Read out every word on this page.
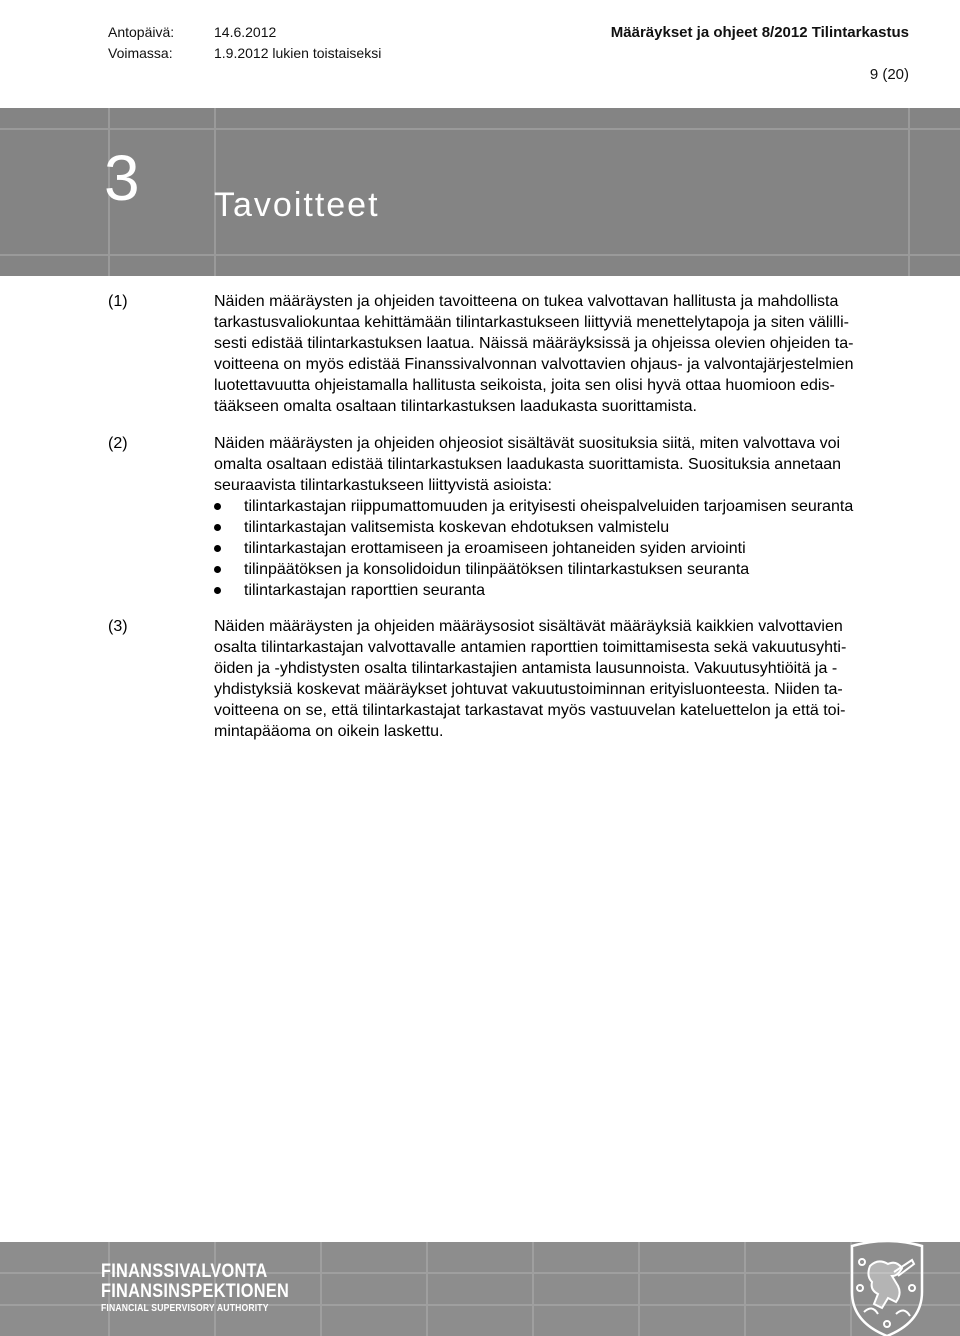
Antopäivä:	14.6.2012
Voimassa:	1.9.2012 lukien toistaiseksi
Määräykset ja ohjeet 8/2012 Tilintarkastus
9 (20)
3 Tavoitteet
(1)	Näiden määräysten ja ohjeiden tavoitteena on tukea valvottavan hallitusta ja mahdollista

tarkastusvaliokuntaa kehittämään tilintarkastukseen liittyviä menettelytapoja ja siten välilli-

sesti edistää tilintarkastuksen laatua. Näissä määräyksissä ja ohjeissa olevien ohjeiden ta-

voitteena on myös edistää Finanssivalvonnan valvottavien ohjaus- ja valvontajärjestelmien

luotettavuutta ohjeistamalla hallitusta seikoista, joita sen olisi hyvä ottaa huomioon edis-

tääkseen omalta osaltaan tilintarkastuksen laadukasta suorittamista.

(2)	Näiden määräysten ja ohjeiden ohjeosiot sisältävät suosituksia siitä, miten valvottava voi

omalta osaltaan edistää tilintarkastuksen laadukasta suorittamista. Suosituksia annetaan

seuraavista tilintarkastukseen liittyvistä asioista:

tilintarkastajan riippumattomuuden ja erityisesti oheispalveluiden tarjoamisen seuranta
tilintarkastajan valitsemista koskevan ehdotuksen valmistelu
tilintarkastajan erottamiseen ja eroamiseen johtaneiden syiden arviointi
tilinpäätöksen ja konsolidoidun tilinpäätöksen tilintarkastuksen seuranta
tilintarkastajan raporttien seuranta
(3)	Näiden määräysten ja ohjeiden määräysosiot sisältävät määräyksiä kaikkien valvottavien

osalta tilintarkastajan valvottavalle antamien raporttien toimittamisesta sekä vakuutusyhti-

öiden ja -yhdistysten osalta tilintarkastajien antamista lausunnoista. Vakuutusyhtiöitä ja -

yhdistyksiä koskevat määräykset johtuvat vakuutustoiminnan erityisluonteesta. Niiden ta-

voitteena on se, että tilintarkastajat tarkastavat myös vastuuvelan kateluettelon ja että toi-

mintapääoma on oikein laskettu.

FINANSSIVALVONTA
FINANSINSPEKTIONEN
FINANCIAL SUPERVISORY AUTHORITY
